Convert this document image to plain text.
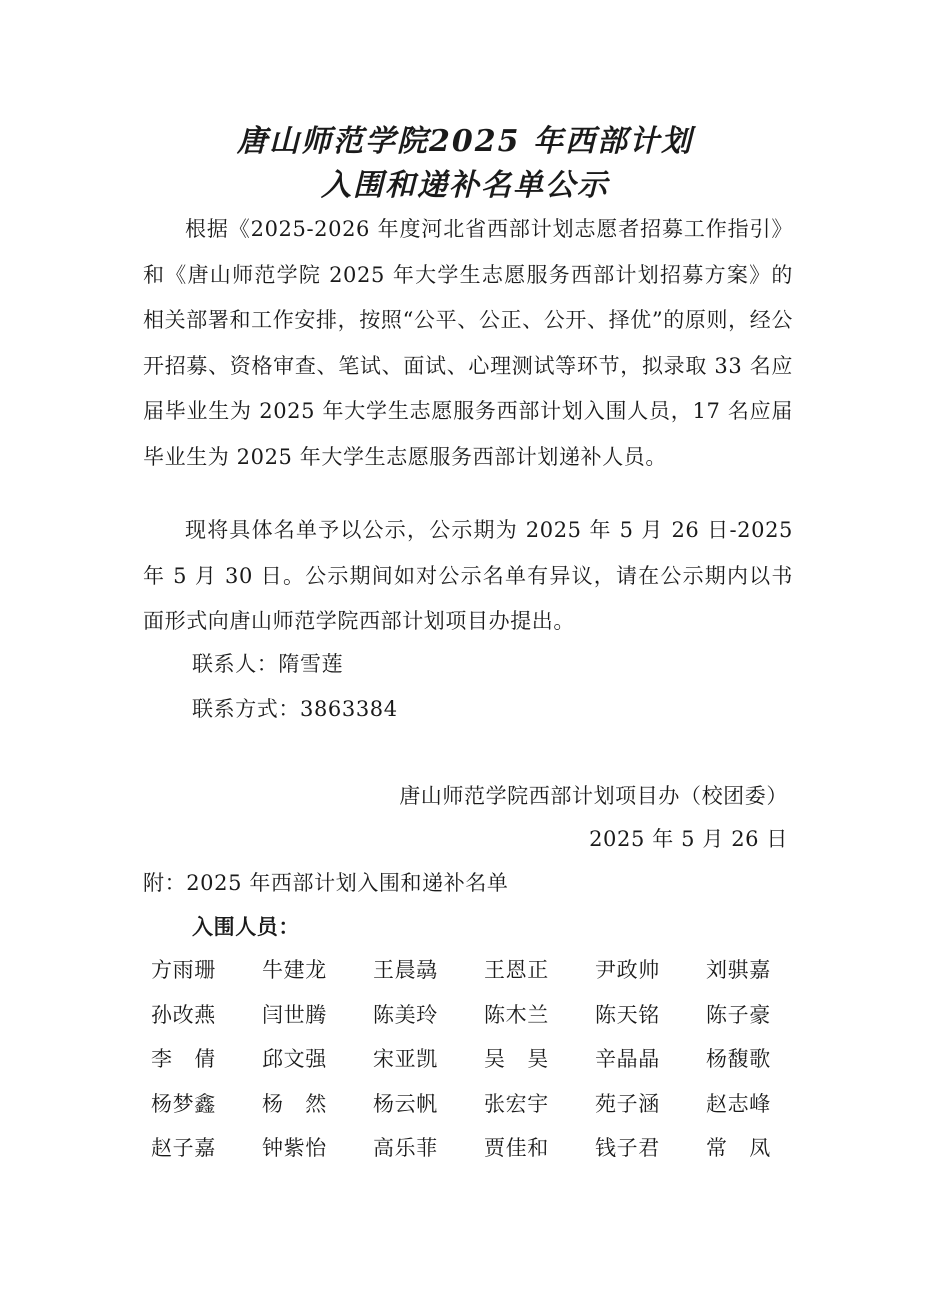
唐山师范学院2025 年西部计划
入围和递补名单公示

根据《2025-2026 年度河北省西部计划志愿者招募工作指引》和《唐山师范学院 2025 年大学生志愿服务西部计划招募方案》的相关部署和工作安排，按照“公平、公正、公开、择优”的原则，经公开招募、资格审查、笔试、面试、心理测试等环节，拟录取 33 名应届毕业生为 2025 年大学生志愿服务西部计划入围人员，17 名应届毕业生为 2025 年大学生志愿服务西部计划递补人员。

现将具体名单予以公示，公示期为 2025 年 5 月 26 日-2025 年 5 月 30 日。公示期间如对公示名单有异议，请在公示期内以书面形式向唐山师范学院西部计划项目办提出。

联系人：隋雪莲
联系方式：3863384
唐山师范学院西部计划项目办（校团委）
2025 年 5 月 26 日
附：2025 年西部计划入围和递补名单
入围人员：
方雨珊	牛建龙	王晨骉	王恩正	尹政帅	刘骐嘉
孙改燕	闫世腾	陈美玲	陈木兰	陈天铭	陈子豪
李　倩	邱文强	宋亚凯	吴　昊	辛晶晶	杨馥歌
杨梦鑫	杨　然	杨云帆	张宏宇	苑子涵	赵志峰
赵子嘉	钟紫怡	高乐菲	贾佳和	钱子君	常　凤
